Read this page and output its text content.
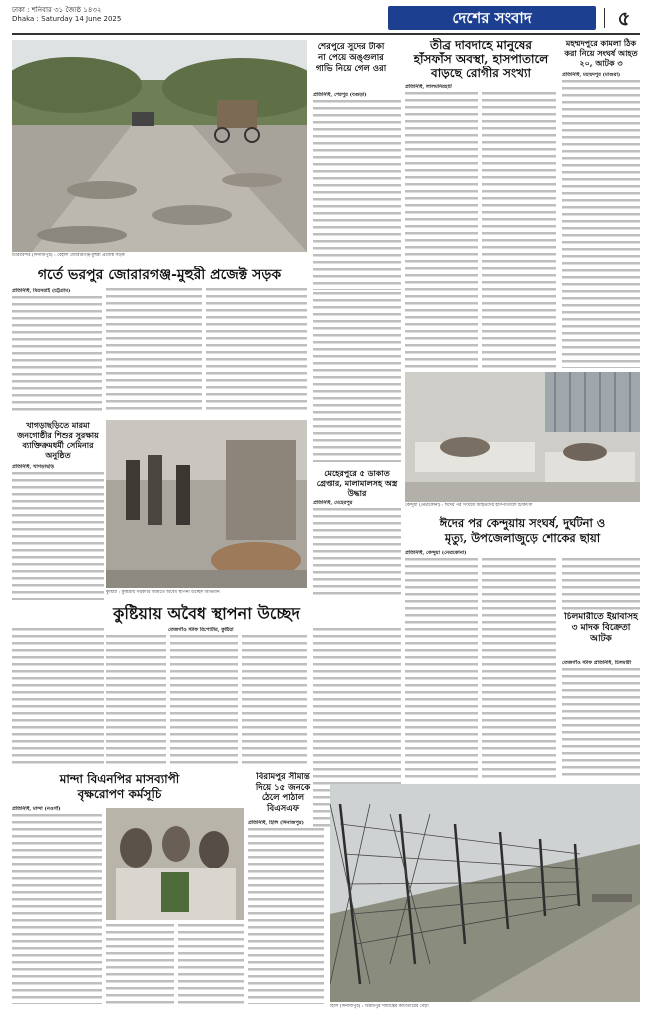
ঢাকা : শনিবার ৩১ জ্যৈষ্ঠ ১৪৩২
Dhaka : Saturday 14 June 2025	দেশের সংবাদ	৫
চিরিরবন্দর (দিনাজপুর) : বেহাল জোরারগঞ্জ-মুহুরী প্রজেক্ট সড়ক
শেরপুরে সুদের টাকা না পেয়ে অঙ্গুলার গাভি নিয়ে গেল ওরা
প্রতিনিধি, শেরপুর (বগুড়া)
তীব্র দাবদাহে মানুষের
হাঁসফাঁস অবস্থা, হাসপাতালে
বাড়ছে রোগীর সংখ্যা
প্রতিনিধি, লালমনিরহাট
মহম্মদপুরে কামলা ঠিক করা নিয়ে সংঘর্ষ আহত ২০, আটক ৩
প্রতিনিধি, মহম্মদপুর (মাগুরা)
গর্তে ভরপুর জোরারগঞ্জ-মুহুরী প্রজেক্ট সড়ক
প্রতিনিধি, মিরসরাই (চট্টগ্রাম)
কেন্দুয়া (নেত্রকোনা) : ঈদের পর সংঘর্ষে আহতদের হাসপাতালে চিকিৎসা
খাগড়াছড়িতে মারমা জনগোষ্ঠীর শিশুর সুরক্ষায় ব্যাক্তিক্রমধর্মী সেমিনার অনুষ্ঠিত
প্রতিনিধি, খাগড়াছড়ি
কুষ্টিয়া : কুষ্টিয়ায় সরকারি জমিতে অবৈধ স্থাপনা উচ্ছেদ অভিযান
মেহেরপুরে ৫ ডাকাত গ্রেপ্তার, মালামালসহ অস্ত্র উদ্ধার
প্রতিনিধি, মেহেরপুর
ঈদের পর কেন্দুয়ায় সংঘর্ষ, দুর্ঘটনা ও
মৃত্যু, উপজেলাজুড়ে শোকের ছায়া
প্রতিনিধি, কেন্দুয়া (নেত্রকোনা)
কুষ্টিয়ায় অবৈধ স্থাপনা উচ্ছেদ
তেজগাঁও স্টাফ রিপোর্টার, কুষ্টিয়া
চিলমারীতে ইয়াবাসহ ৩ মাদক বিক্রেতা আটক
তেজগাঁও স্টাফ প্রতিনিধি, চিলমারী
মান্দা বিএনপির মাসব্যাপী
বৃক্ষরোপণ কর্মসূচি
প্রতিনিধি, মান্দা (নওগাঁ)
বিরামপুর সীমান্ত দিয়ে ১৫ জনকে ঠেলে পাঠাল বিএসএফ
প্রতিনিধি, হিলি (দিনাজপুর)
হিলি (দিনাজপুর) : বিরামপুর সীমান্তের কাঁটাতারের বেড়া
